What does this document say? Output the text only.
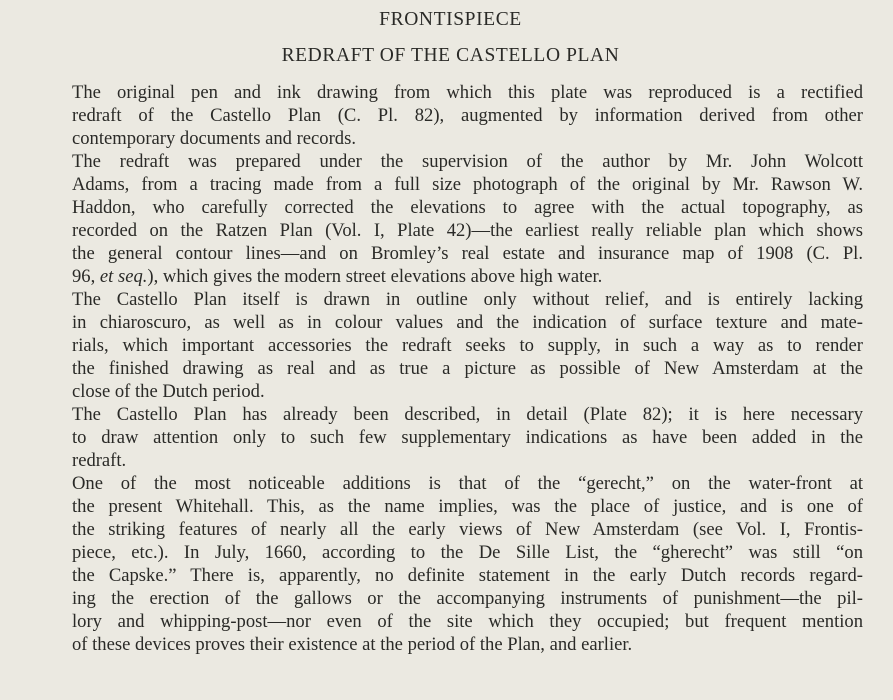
FRONTISPIECE
REDRAFT OF THE CASTELLO PLAN

The original pen and ink drawing from which this plate was reproduced is a rectified
redraft of the Castello Plan (C. Pl. 82), augmented by information derived from other
contemporary documents and records.

The redraft was prepared under the supervision of the author by Mr. John Wolcott
Adams, from a tracing made from a full size photograph of the original by Mr. Rawson W.
Haddon, who carefully corrected the elevations to agree with the actual topography, as
recorded on the Ratzen Plan (Vol. I, Plate 42)—the earliest really reliable plan which shows
the general contour lines—and on Bromley’s real estate and insurance map of 1908 (C. Pl.
96, et seq.), which gives the modern street elevations above high water.

The Castello Plan itself is drawn in outline only without relief, and is entirely lacking
in chiaroscuro, as well as in colour values and the indication of surface texture and mate-
rials, which important accessories the redraft seeks to supply, in such a way as to render
the finished drawing as real and as true a picture as possible of New Amsterdam at the
close of the Dutch period.

The Castello Plan has already been described, in detail (Plate 82); it is here necessary
to draw attention only to such few supplementary indications as have been added in the
redraft.

One of the most noticeable additions is that of the “gerecht,” on the water-front at
the present Whitehall. This, as the name implies, was the place of justice, and is one of
the striking features of nearly all the early views of New Amsterdam (see Vol. I, Frontis-
piece, etc.). In July, 1660, according to the De Sille List, the “gherecht” was still “on
the Capske.” There is, apparently, no definite statement in the early Dutch records regard-
ing the erection of the gallows or the accompanying instruments of punishment—the pil-
lory and whipping-post—nor even of the site which they occupied; but frequent mention
of these devices proves their existence at the period of the Plan, and earlier.
